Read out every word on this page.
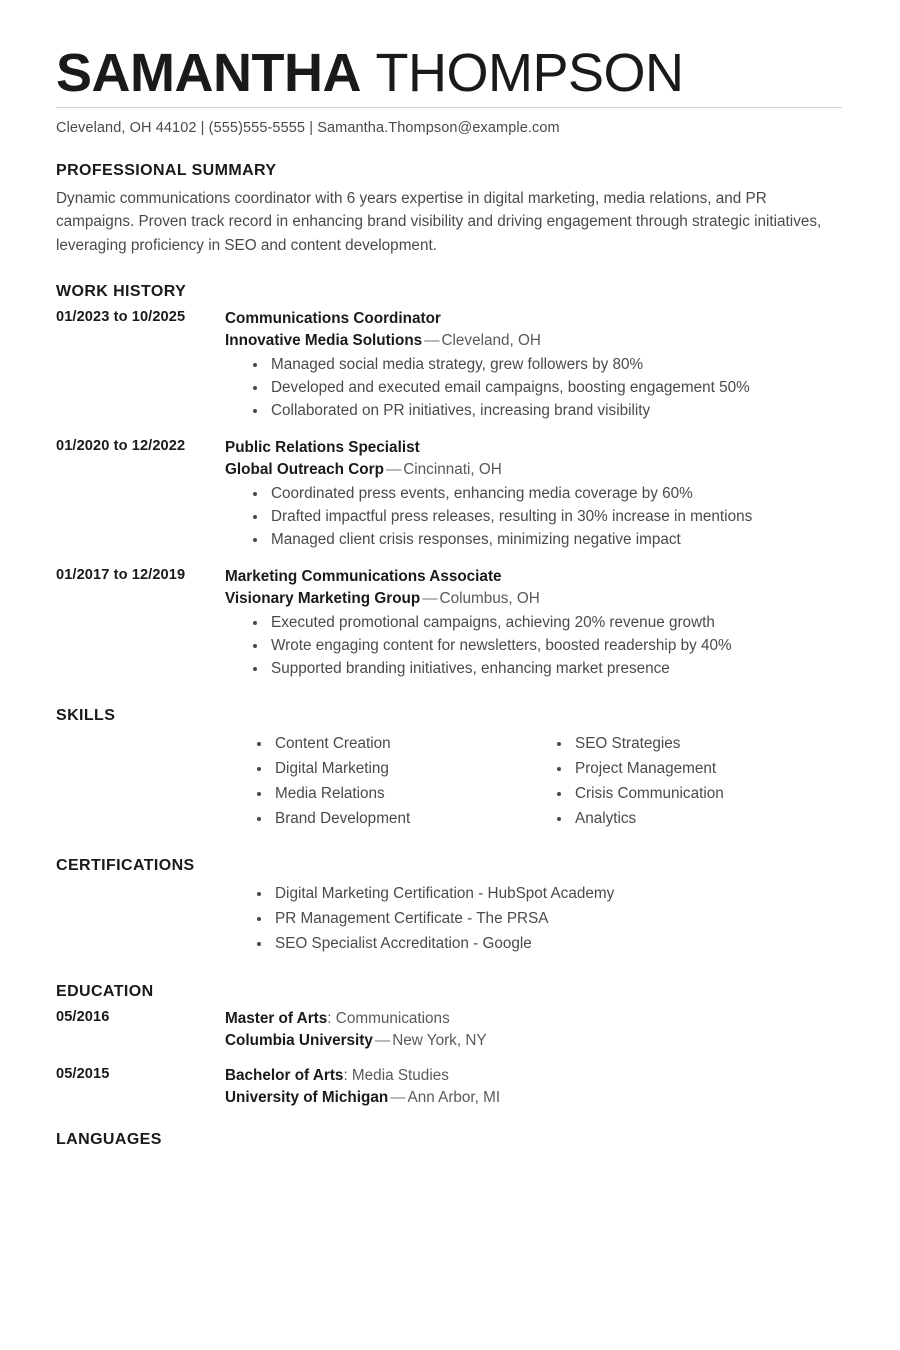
SAMANTHA THOMPSON
Cleveland, OH 44102 | (555)555-5555 | Samantha.Thompson@example.com
PROFESSIONAL SUMMARY

Dynamic communications coordinator with 6 years expertise in digital marketing, media relations, and PR campaigns. Proven track record in enhancing brand visibility and driving engagement through strategic initiatives, leveraging proficiency in SEO and content development.

WORK HISTORY
01/2023 to 10/2025	Communications Coordinator
Innovative Media Solutions — Cleveland, OH
Managed social media strategy, grew followers by 80%
Developed and executed email campaigns, boosting engagement 50%
Collaborated on PR initiatives, increasing brand visibility
01/2020 to 12/2022	Public Relations Specialist
Global Outreach Corp — Cincinnati, OH
Coordinated press events, enhancing media coverage by 60%
Drafted impactful press releases, resulting in 30% increase in mentions
Managed client crisis responses, minimizing negative impact
01/2017 to 12/2019	Marketing Communications Associate
Visionary Marketing Group — Columbus, OH
Executed promotional campaigns, achieving 20% revenue growth
Wrote engaging content for newsletters, boosted readership by 40%
Supported branding initiatives, enhancing market presence
SKILLS
Content Creation
Digital Marketing
Media Relations
Brand Development
SEO Strategies
Project Management
Crisis Communication
Analytics
CERTIFICATIONS
Digital Marketing Certification - HubSpot Academy
PR Management Certificate - The PRSA
SEO Specialist Accreditation - Google
EDUCATION
05/2016	Master of Arts: Communications
Columbia University — New York, NY
05/2015	Bachelor of Arts: Media Studies
University of Michigan — Ann Arbor, MI
LANGUAGES
